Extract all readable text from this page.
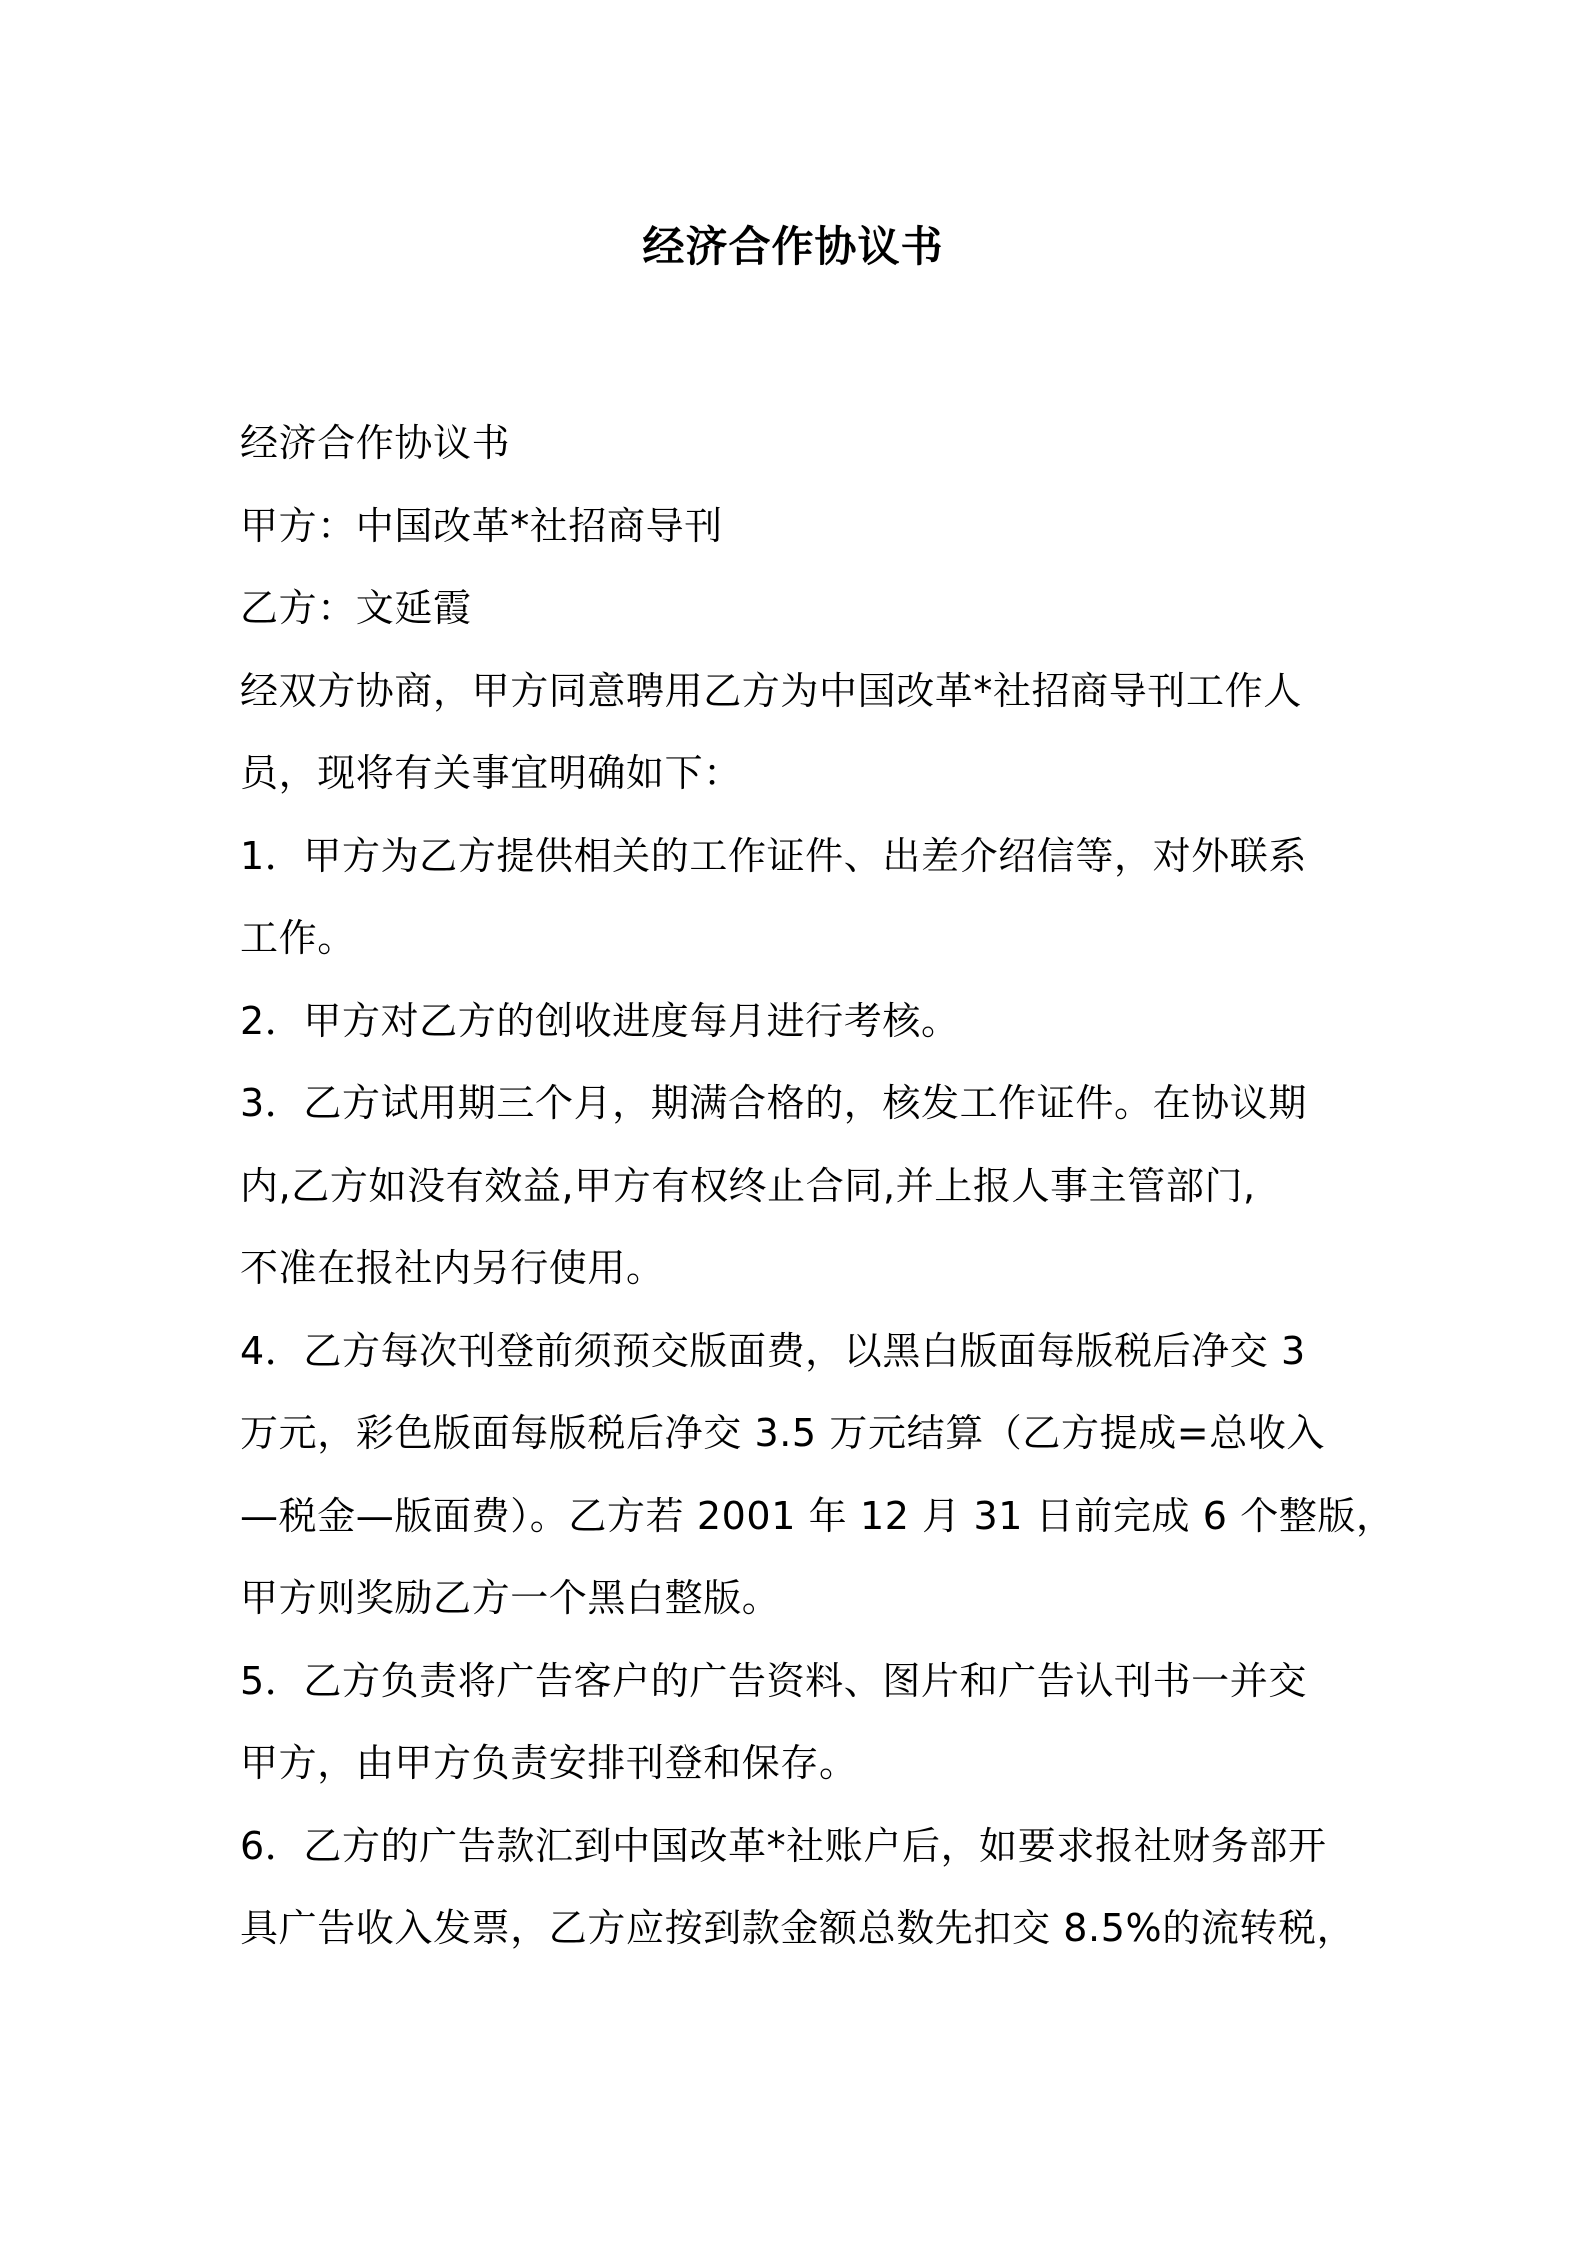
经济合作协议书
经济合作协议书
甲方：中国改革*社招商导刊
乙方：文延霞
经双方协商，甲方同意聘用乙方为中国改革*社招商导刊工作人
员，现将有关事宜明确如下：
1．甲方为乙方提供相关的工作证件、出差介绍信等，对外联系
工作。
2．甲方对乙方的创收进度每月进行考核。
3．乙方试用期三个月，期满合格的，核发工作证件。在协议期
内,乙方如没有效益,甲方有权终止合同,并上报人事主管部门,
不准在报社内另行使用。
4．乙方每次刊登前须预交版面费，以黑白版面每版税后净交 3
万元，彩色版面每版税后净交 3.5 万元结算（乙方提成=总收入
—税金—版面费）。乙方若 2001 年 12 月 31 日前完成 6 个整版，
甲方则奖励乙方一个黑白整版。
5．乙方负责将广告客户的广告资料、图片和广告认刊书一并交
甲方，由甲方负责安排刊登和保存。
6．乙方的广告款汇到中国改革*社账户后，如要求报社财务部开
具广告收入发票，乙方应按到款金额总数先扣交 8.5%的流转税，
